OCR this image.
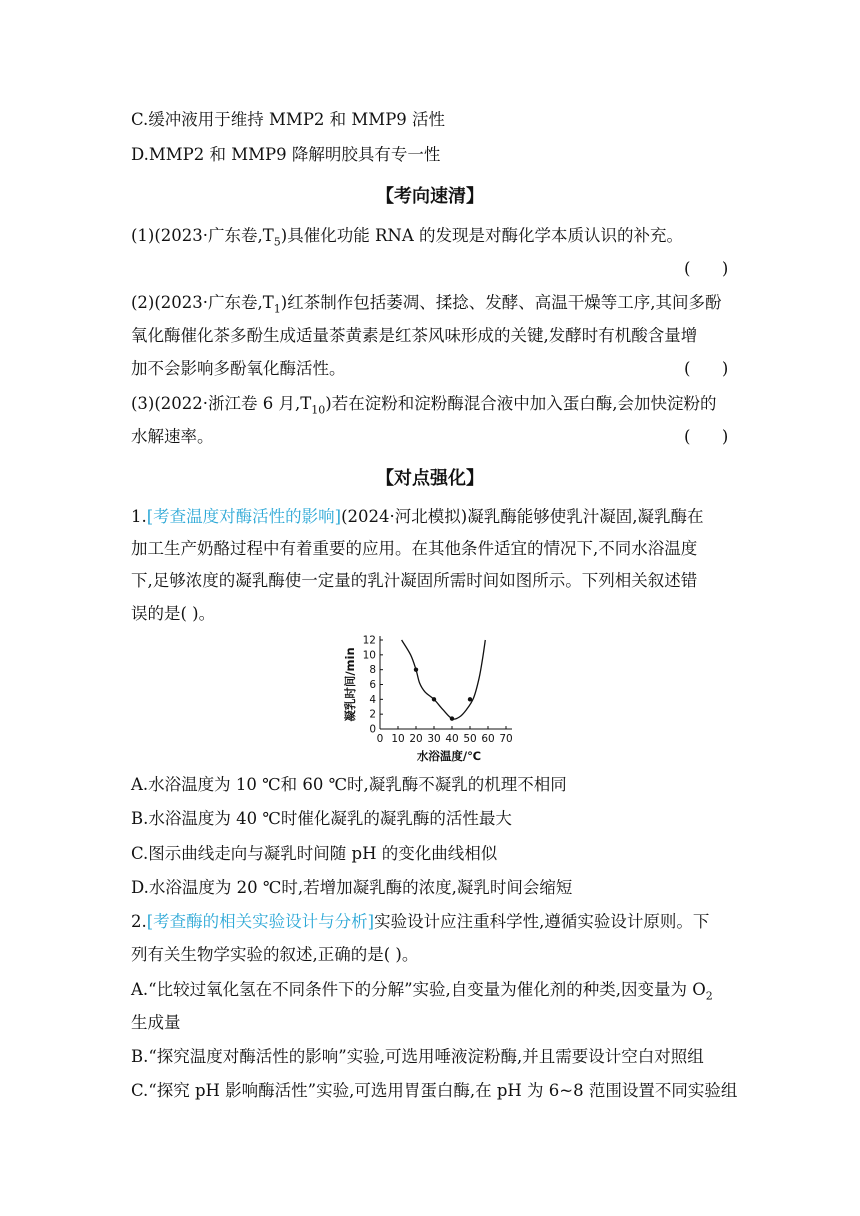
C.缓冲液用于维持 MMP2 和 MMP9 活性
D.MMP2 和 MMP9 降解明胶具有专一性
【考向速清】
(1)(2023·广东卷$,T_5$)具催化功能 RNA 的发现是对酶化学本质认识的补充。
(      )
(2)(2023·广东卷$,T_1$)红茶制作包括萎凋、揉捻、发酵、高温干燥等工序,其间多酚
氧化酶催化茶多酚生成适量茶黄素是红茶风味形成的关键,发酵时有机酸含量增
加不会影响多酚氧化酶活性。	(      )
(3)(2022·浙江卷 6 月$,T_{10}$)若在淀粉和淀粉酶混合液中加入蛋白酶,会加快淀粉的
水解速率。	(      )
【对点强化】
1.[考查温度对酶活性的影响](2024·河北模拟)凝乳酶能够使乳汁凝固,凝乳酶在
加工生产奶酪过程中有着重要的应用。在其他条件适宜的情况下,不同水浴温度
下,足够浓度的凝乳酶使一定量的乳汁凝固所需时间如图所示。下列相关叙述错
误的是( )。
0 10 20 30 40 50 60 70
0
2
4
6
8
10
12
水浴温度/℃
凝乳时间/min
A.水浴温度为 10 ℃和 60 ℃时,凝乳酶不凝乳的机理不相同
B.水浴温度为 40 ℃时催化凝乳的凝乳酶的活性最大
C.图示曲线走向与凝乳时间随 pH 的变化曲线相似
D.水浴温度为 20 ℃时,若增加凝乳酶的浓度,凝乳时间会缩短
2.[考查酶的相关实验设计与分析]实验设计应注重科学性,遵循实验设计原则。下
列有关生物学实验的叙述,正确的是( )。
A.“比较过氧化氢在不同条件下的分解”实验,自变量为催化剂的种类,因变量为 $O_2$
生成量
B.“探究温度对酶活性的影响”实验,可选用唾液淀粉酶,并且需要设计空白对照组
C.“探究 pH 影响酶活性”实验,可选用胃蛋白酶,在 pH 为 6~8 范围设置不同实验组
